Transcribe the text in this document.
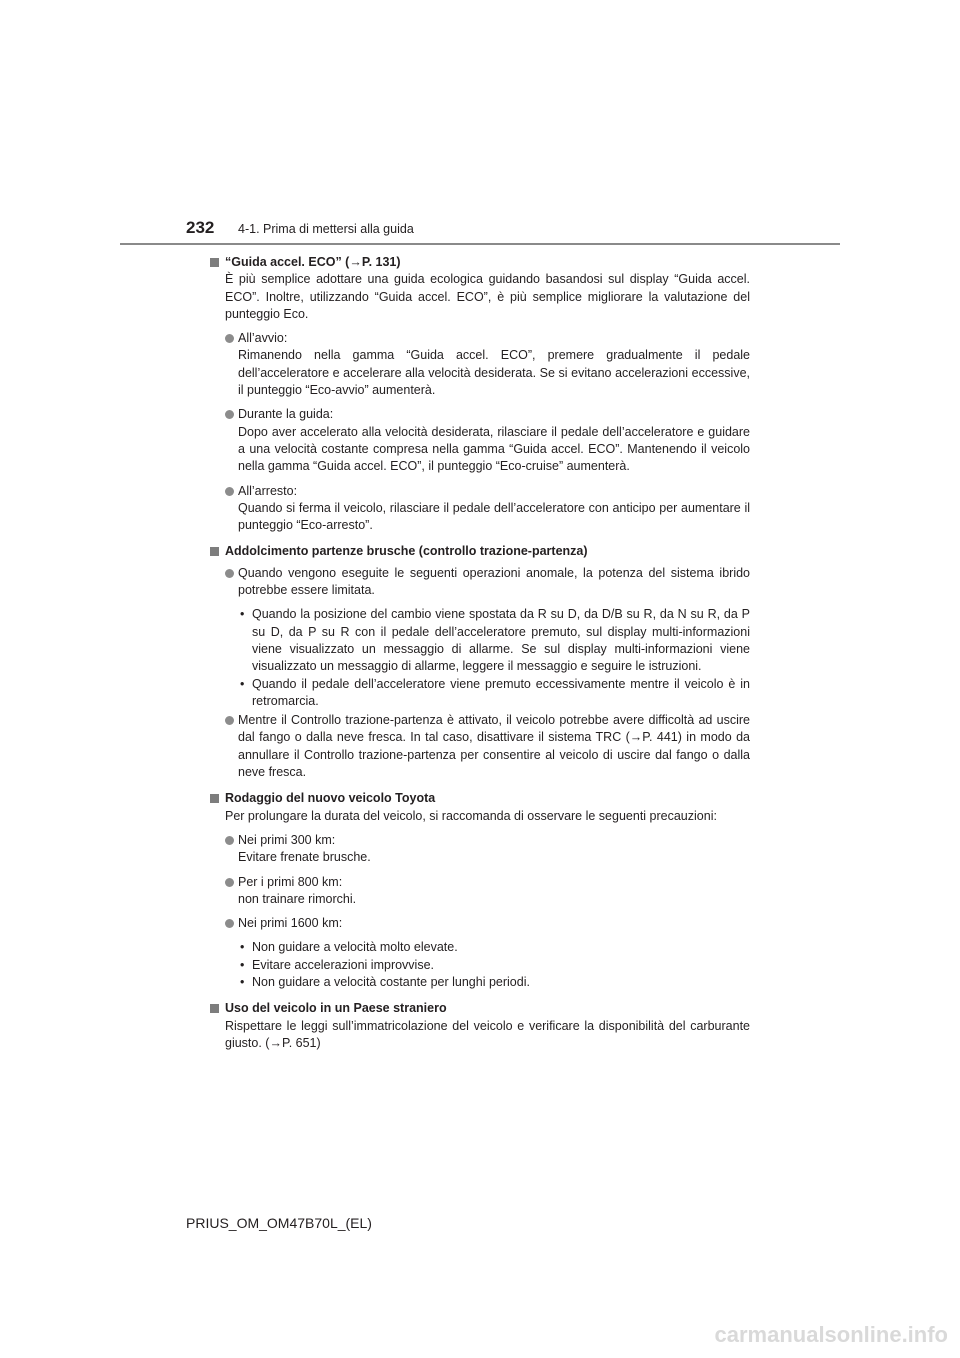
232 4-1. Prima di mettersi alla guida
“Guida accel. ECO” (→P. 131)
È più semplice adottare una guida ecologica guidando basandosi sul display “Guida accel. ECO”. Inoltre, utilizzando “Guida accel. ECO”, è più semplice migliorare la valutazione del punteggio Eco.
All’avvio:
Rimanendo nella gamma “Guida accel. ECO”, premere gradualmente il pedale dell’acceleratore e accelerare alla velocità desiderata. Se si evitano accelerazioni eccessive, il punteggio “Eco-avvio” aumenterà.
Durante la guida:
Dopo aver accelerato alla velocità desiderata, rilasciare il pedale dell’acceleratore e guidare a una velocità costante compresa nella gamma “Guida accel. ECO”. Mantenendo il veicolo nella gamma “Guida accel. ECO”, il punteggio “Eco-cruise” aumenterà.
All’arresto:
Quando si ferma il veicolo, rilasciare il pedale dell’acceleratore con anticipo per aumentare il punteggio “Eco-arresto”.
Addolcimento partenze brusche (controllo trazione-partenza)
Quando vengono eseguite le seguenti operazioni anomale, la potenza del sistema ibrido potrebbe essere limitata.
• Quando la posizione del cambio viene spostata da R su D, da D/B su R, da N su R, da P su D, da P su R con il pedale dell’acceleratore premuto, sul display multi-informazioni viene visualizzato un messaggio di allarme. Se sul display multi-informazioni viene visualizzato un messaggio di allarme, leggere il messaggio e seguire le istruzioni.
• Quando il pedale dell’acceleratore viene premuto eccessivamente mentre il veicolo è in retromarcia.
Mentre il Controllo trazione-partenza è attivato, il veicolo potrebbe avere difficoltà ad uscire dal fango o dalla neve fresca. In tal caso, disattivare il sistema TRC (→P. 441) in modo da annullare il Controllo trazione-partenza per consentire al veicolo di uscire dal fango o dalla neve fresca.
Rodaggio del nuovo veicolo Toyota
Per prolungare la durata del veicolo, si raccomanda di osservare le seguenti precauzioni:
Nei primi 300 km:
Evitare frenate brusche.
Per i primi 800 km:
non trainare rimorchi.
Nei primi 1600 km:
• Non guidare a velocità molto elevate.
• Evitare accelerazioni improvvise.
• Non guidare a velocità costante per lunghi periodi.
Uso del veicolo in un Paese straniero
Rispettare le leggi sull’immatricolazione del veicolo e verificare la disponibilità del carburante giusto. (→P. 651)
PRIUS_OM_OM47B70L_(EL)
carmanualsonline.info
